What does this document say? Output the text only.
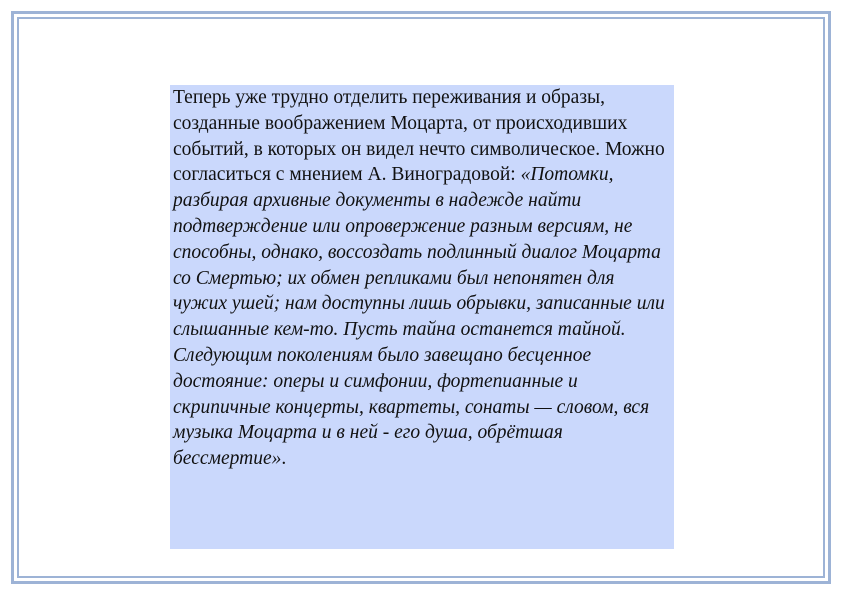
Теперь уже трудно отделить переживания и образы, созданные воображением Моцарта, от происходивших событий, в которых он видел нечто символическое. Можно согласиться с мнением А. Виноградовой: «Потомки, разбирая архивные документы в надежде найти подтверждение или опровержение разным версиям, не способны, однако, воссоздать подлинный диалог Моцарта со Смертью; их обмен репликами был непонятен для чужих ушей; нам доступны лишь обрывки, записанные или слышанные кем-то. Пусть тайна останется тайной. Следующим поколениям было завещано бесценное достояние: оперы и симфонии, фортепианные и скрипичные концерты, квартеты, сонаты — словом, вся музыка Моцарта и в ней - его душа, обрётшая бессмертие».
